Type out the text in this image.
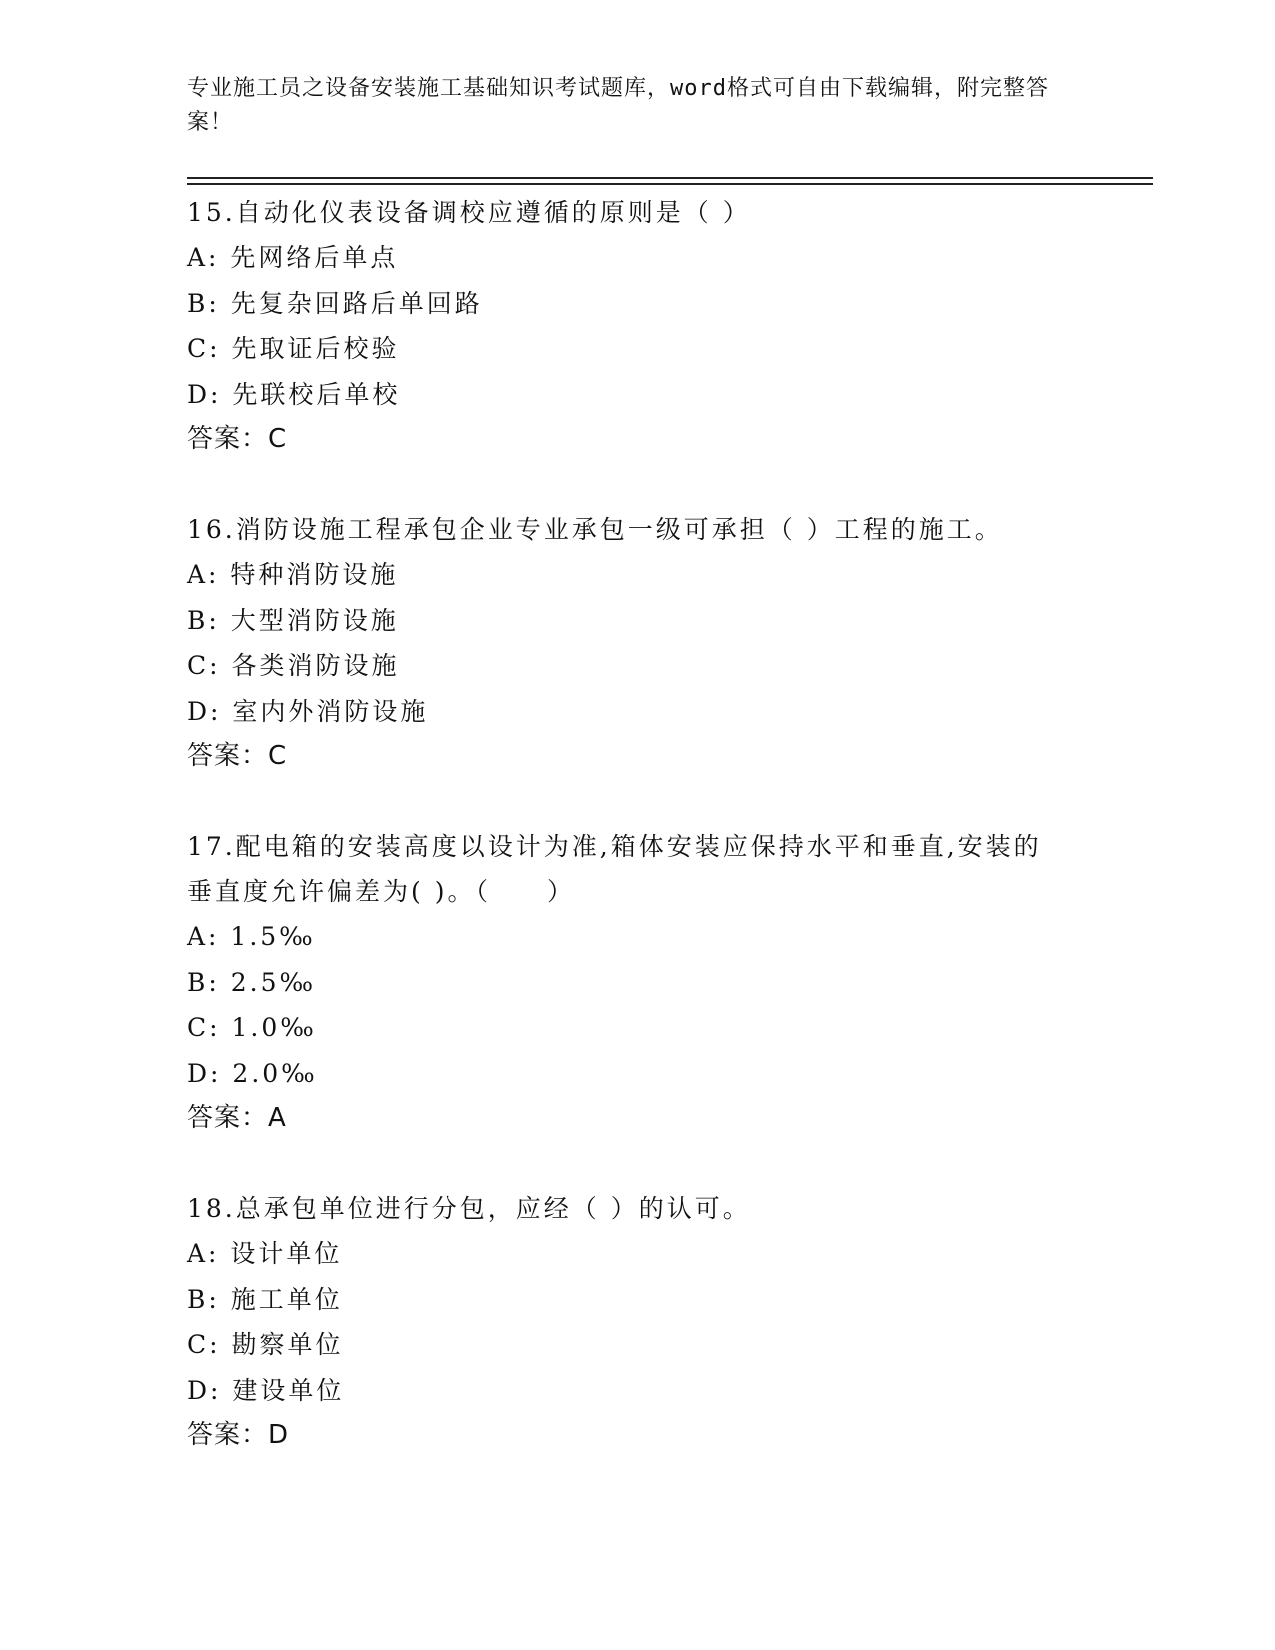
专业施工员之设备安装施工基础知识考试题库，word格式可自由下载编辑，附完整答案！
15.自动化仪表设备调校应遵循的原则是（ ）
A: 先网络后单点
B: 先复杂回路后单回路
C: 先取证后校验
D: 先联校后单校
答案：C
16.消防设施工程承包企业专业承包一级可承担（ ）工程的施工。
A: 特种消防设施
B: 大型消防设施
C: 各类消防设施
D: 室内外消防设施
答案：C
17.配电箱的安装高度以设计为准,箱体安装应保持水平和垂直,安装的垂直度允许偏差为( )。（　　）
A: 1.5‰
B: 2.5‰
C: 1.0‰
D: 2.0‰
答案：A
18.总承包单位进行分包，应经（ ）的认可。
A: 设计单位
B: 施工单位
C: 勘察单位
D: 建设单位
答案：D
